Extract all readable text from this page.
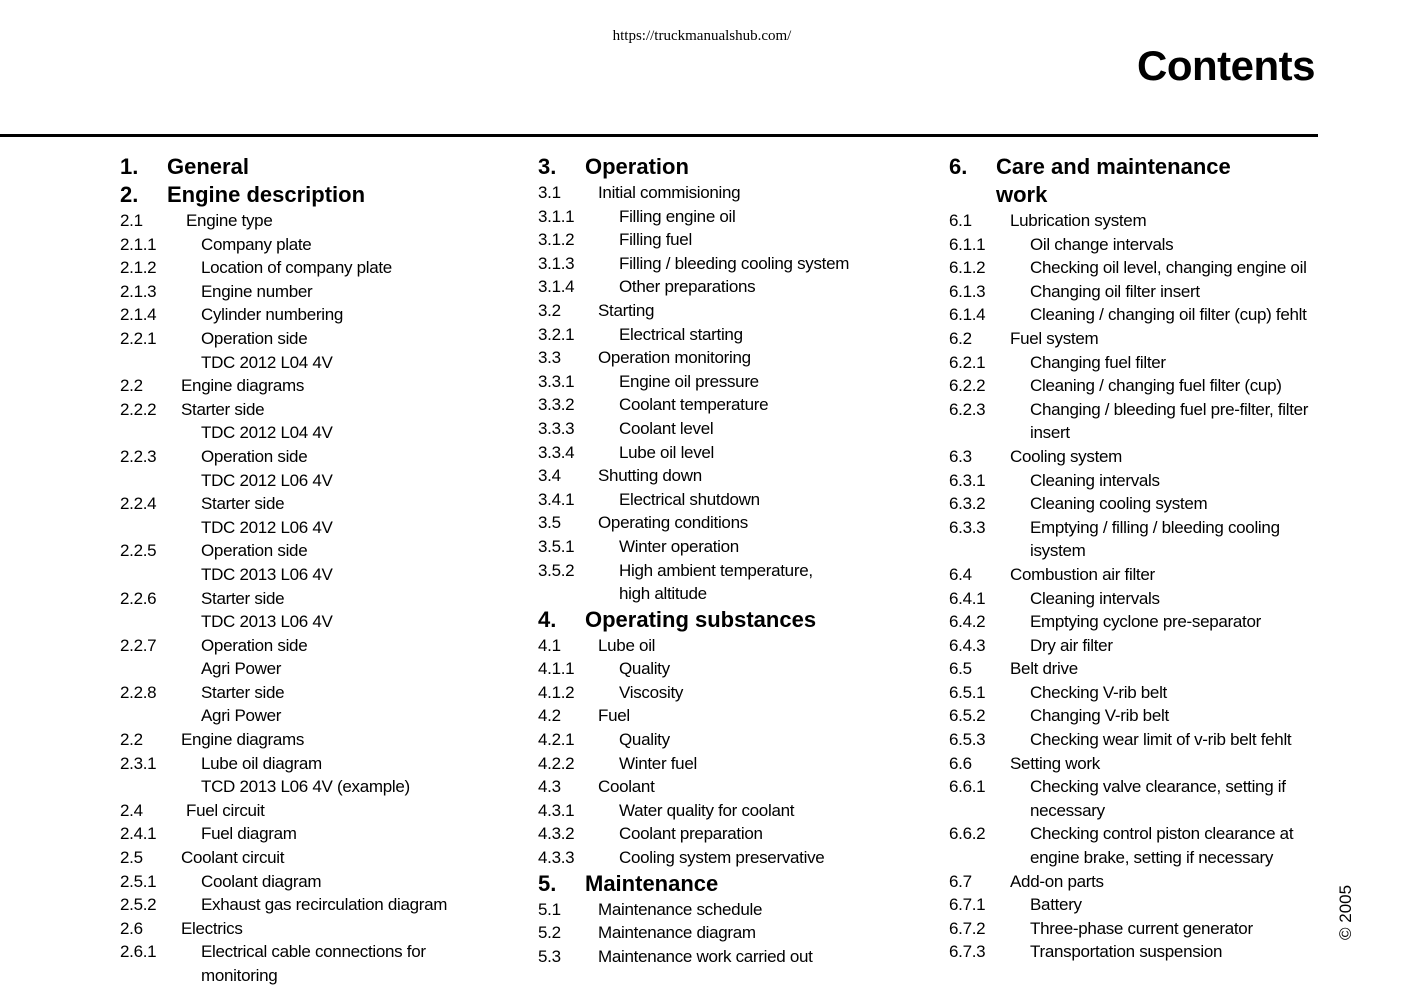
https://truckmanualshub.com/
Contents
1.	General
2.	Engine description
2.1	Engine type
2.1.1	Company plate
2.1.2	Location of company plate
2.1.3	Engine number
2.1.4	Cylinder numbering
2.2.1	Operation side
TDC 2012 L04 4V
2.2	Engine diagrams
2.2.2	Starter side
TDC 2012 L04 4V
2.2.3	Operation side
TDC 2012 L06 4V
2.2.4	Starter side
TDC 2012 L06 4V
2.2.5	Operation side
TDC 2013 L06 4V
2.2.6	Starter side
TDC 2013 L06 4V
2.2.7	Operation side
Agri Power
2.2.8	Starter side
Agri Power
2.2	Engine diagrams
2.3.1	Lube oil diagram
TCD 2013 L06 4V (example)
2.4	Fuel circuit
2.4.1	Fuel diagram
2.5	Coolant circuit
2.5.1	Coolant diagram
2.5.2	Exhaust gas recirculation diagram
2.6	Electrics
2.6.1	Electrical cable connections for
monitoring
3.	Operation
3.1	Initial commisioning
3.1.1	Filling engine oil
3.1.2	Filling fuel
3.1.3	Filling / bleeding cooling system
3.1.4	Other preparations
3.2	Starting
3.2.1	Electrical starting
3.3	Operation monitoring
3.3.1	Engine oil pressure
3.3.2	Coolant temperature
3.3.3	Coolant level
3.3.4	Lube oil level
3.4	Shutting down
3.4.1	Electrical shutdown
3.5	Operating conditions
3.5.1	Winter operation
3.5.2	High ambient temperature,
high altitude
4.	Operating substances
4.1	Lube oil
4.1.1	Quality
4.1.2	Viscosity
4.2	Fuel
4.2.1	Quality
4.2.2	Winter fuel
4.3	Coolant
4.3.1	Water quality for coolant
4.3.2	Coolant preparation
4.3.3	Cooling system preservative
5.	Maintenance
5.1	Maintenance schedule
5.2	Maintenance diagram
5.3	Maintenance work carried out
6.	Care and maintenance
work
6.1	Lubrication system
6.1.1	Oil change intervals
6.1.2	Checking oil level, changing engine oil
6.1.3	Changing oil filter insert
6.1.4	Cleaning / changing oil filter (cup) fehlt
6.2	Fuel system
6.2.1	Changing fuel filter
6.2.2	Cleaning / changing fuel filter (cup)
6.2.3	Changing / bleeding fuel pre-filter, filter
insert
6.3	Cooling system
6.3.1	Cleaning intervals
6.3.2	Cleaning cooling system
6.3.3	Emptying / filling / bleeding cooling
isystem
6.4	Combustion air filter
6.4.1	Cleaning intervals
6.4.2	Emptying cyclone pre-separator
6.4.3	Dry air filter
6.5	Belt drive
6.5.1	Checking V-rib belt
6.5.2	Changing V-rib belt
6.5.3	Checking wear limit of v-rib belt fehlt
6.6	Setting work
6.6.1	Checking valve clearance, setting if
necessary
6.6.2	Checking control piston clearance at
engine brake, setting if necessary
6.7	Add-on parts
6.7.1	Battery
6.7.2	Three-phase current generator
6.7.3	Transportation suspension
© 2005
